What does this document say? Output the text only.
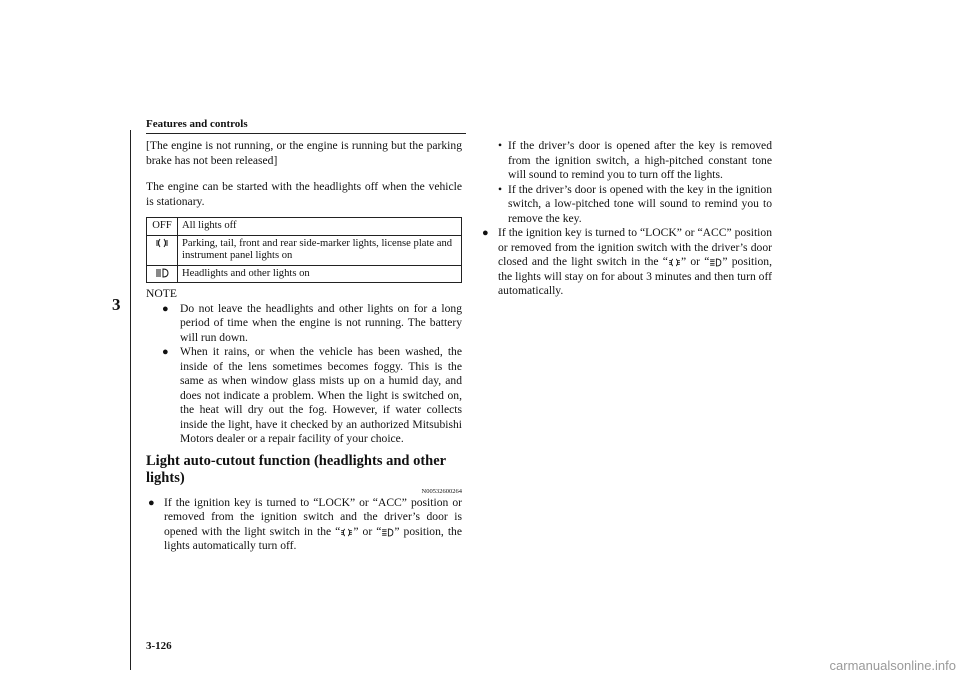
Features and controls
3

[The engine is not running, or the engine is running but the parking brake has not been released]

The engine can be started with the headlights off when the vehicle is stationary.

OFF	All lights off
	Parking, tail, front and rear side-marker lights, license plate and instrument panel lights on
	Headlights and other lights on

NOTE

● Do not leave the headlights and other lights on for a long period of time when the engine is not running. The battery will run down.

● When it rains, or when the vehicle has been washed, the inside of the lens sometimes becomes foggy. This is the same as when window glass mists up on a humid day, and does not indicate a problem. When the light is switched on, the heat will dry out the fog. However, if water collects inside the light, have it checked by an authorized Mitsubishi Motors dealer or a repair facility of your choice.

Light auto-cutout function (headlights and other lights)

N00532600264

● If the ignition key is turned to “LOCK” or “ACC” position or removed from the ignition switch and the driver’s door is opened with the light switch in the “ ” or “ ” position, the lights automatically turn off.

• If the driver’s door is opened after the key is removed from the ignition switch, a high-pitched constant tone will sound to remind you to turn off the lights.

• If the driver’s door is opened with the key in the ignition switch, a low-pitched tone will sound to remind you to remove the key.

● If the ignition key is turned to “LOCK” or “ACC” position or removed from the ignition switch with the driver’s door closed and the light switch in the “ ” or “ ” position, the lights will stay on for about 3 minutes and then turn off automatically.

3-126
carmanualsonline.info
